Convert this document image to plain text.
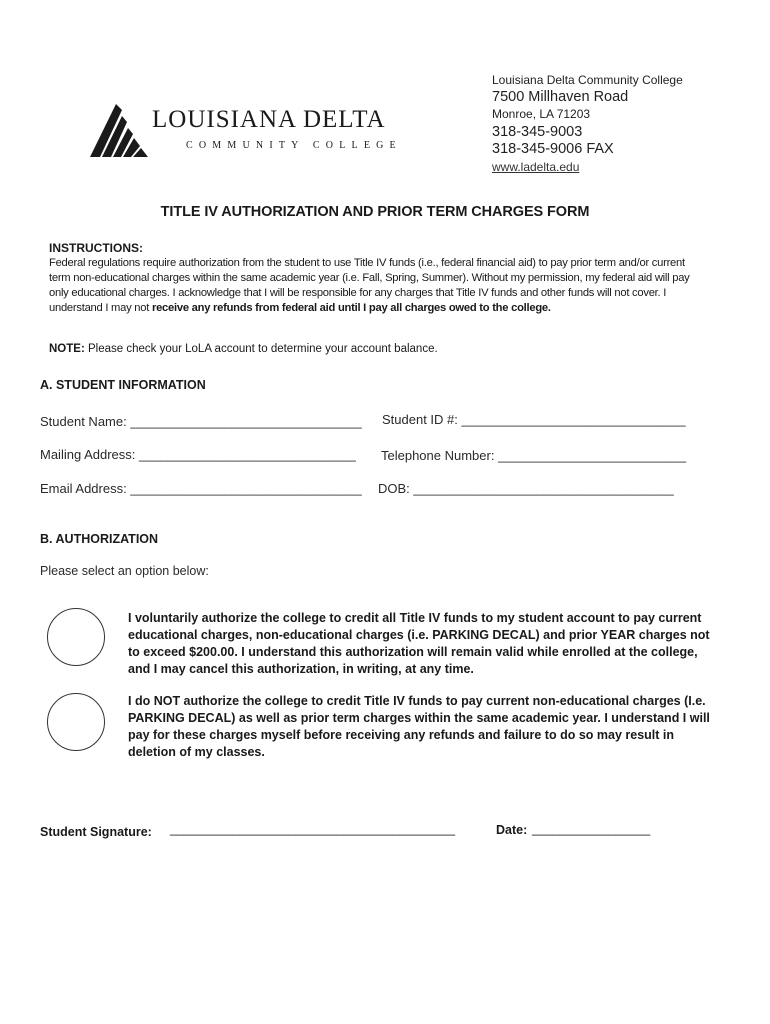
LOUISIANA DELTA
COMMUNITY COLLEGE
Louisiana Delta Community College
7500 Millhaven Road
Monroe, LA 71203
318-345-9003
318-345-9006 FAX
www.ladelta.edu
TITLE IV AUTHORIZATION AND PRIOR TERM CHARGES FORM
INSTRUCTIONS:
Federal regulations require authorization from the student to use Title IV funds (i.e., federal financial aid) to pay prior term and/or current term non-educational charges within the same academic year (i.e. Fall, Spring, Summer). Without my permission, my federal aid will pay only educational charges. I acknowledge that I will be responsible for any charges that Title IV funds and other funds will not cover. I understand I may not receive any refunds from federal aid until I pay all charges owed to the college.
NOTE: Please check your LoLA account to determine your account balance.
A. STUDENT INFORMATION
Student Name: ________________________________ Student ID #: _______________________________
Mailing Address: ______________________________ Telephone Number: __________________________
Email Address: ________________________________ DOB: ____________________________________
B. AUTHORIZATION
Please select an option below:
I voluntarily authorize the college to credit all Title IV funds to my student account to pay current educational charges, non-educational charges (i.e. PARKING DECAL) and prior YEAR charges not to exceed $200.00. I understand this authorization will remain valid while enrolled at the college, and I may cancel this authorization, in writing, at any time.
I do NOT authorize the college to credit Title IV funds to pay current non-educational charges (I.e. PARKING DECAL) as well as prior term charges within the same academic year. I understand I will pay for these charges myself before receiving any refunds and failure to do so may result in deletion of my classes.
Student Signature: _________________________________________	Date: _________________
